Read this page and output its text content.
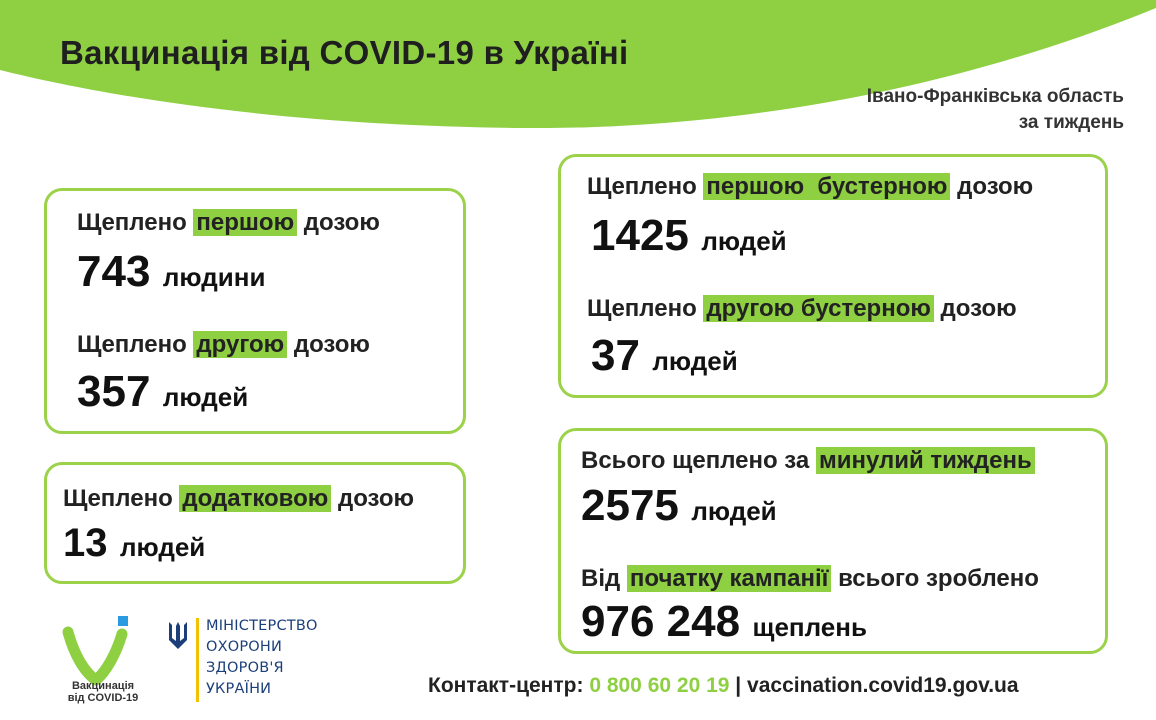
Вакцинація від COVID-19 в Україні
Івано-Франківська область
за тиждень
Щеплено першою дозою
743 людини
Щеплено другою дозою
357 людей
Щеплено додатковою дозою
13 людей
Щеплено першою  бустерною дозою
1425 людей
Щеплено другою бустерною дозою
37 людей
Всього щеплено за минулий тиждень
2575 людей
Від початку кампанії всього зроблено
976 248 щеплень
Вакцинація
від COVID-19
МІНІСТЕРСТВО
ОХОРОНИ
ЗДОРОВ'Я
УКРАЇНИ	Контакт-центр: 0 800 60 20 19 | vaccination.covid19.gov.ua
